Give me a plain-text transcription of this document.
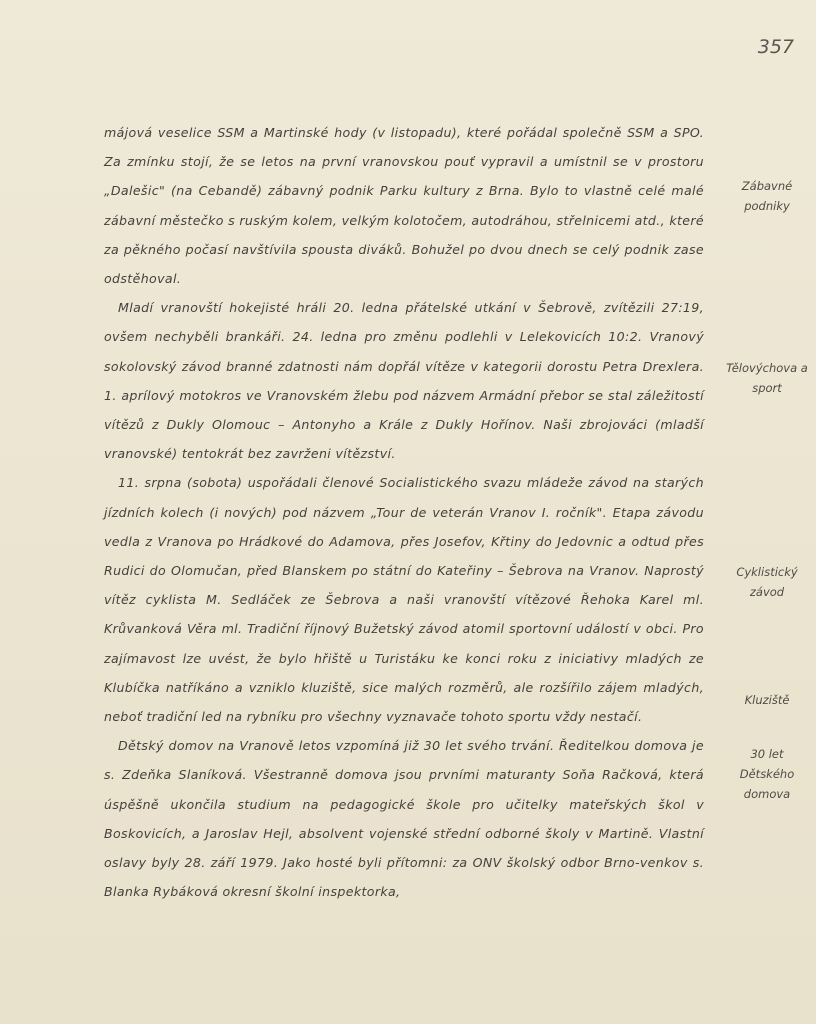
357

májová veselice SSM a Martinské hody (v listopadu), které pořádal společně SSM a SPO. Za zmínku stojí, že se letos na první vranovskou pouť vypravil a umístnil se v prostoru „Dalešic" (na Cebandě) zábavný podnik Parku kultury z Brna. Bylo to vlastně celé malé zábavní městečko s ruským kolem, velkým kolotočem, autodráhou, střelnicemi atd., které za pěkného počasí navštívila spousta diváků. Bohužel po dvou dnech se celý podnik zase odstěhoval.

Mladí vranovští hokejisté hráli 20. ledna přátelské utkání v Šebrově, zvítězili 27:19, ovšem nechyběli brankáři. 24. ledna pro změnu podlehli v Lelekovicích 10:2. Vranový sokolovský závod branné zdatnosti nám dopřál vítěze v kategorii dorostu Petra Drexlera. 1. aprílový motokros ve Vranovském žlebu pod názvem Armádní přebor se stal záležitostí vítězů z Dukly Olomouc – Antonyho a Krále z Dukly Hořínov. Naši zbrojováci (mladší vranovské) tentokrát bez zavrženi vítězství.

11. srpna (sobota) uspořádali členové Socialistického svazu mládeže závod na starých jízdních kolech (i nových) pod názvem „Tour de veterán Vranov I. ročník". Etapa závodu vedla z Vranova po Hrádkové do Adamova, přes Josefov, Křtiny do Jedovnic a odtud přes Rudici do Olomučan, před Blanskem po státní do Kateřiny – Šebrova na Vranov. Naprostý vítěz cyklista M. Sedláček ze Šebrova a naši vranovští vítězové Řehoka Karel ml. Krůvanková Věra ml. Tradiční říjnový Bužetský závod atomil sportovní událostí v obci. Pro zajímavost lze uvést, že bylo hřiště u Turistáku ke konci roku z iniciativy mladých ze Klubíčka natříkáno a vzniklo kluziště, sice malých rozměrů, ale rozšířilo zájem mladých, neboť tradiční led na rybníku pro všechny vyznavače tohoto sportu vždy nestačí.

Dětský domov na Vranově letos vzpomíná již 30 let svého trvání. Ředitelkou domova je s. Zdeňka Slaníková. Všestranně domova jsou prvními maturanty Soňa Račková, která úspěšně ukončila studium na pedagogické škole pro učitelky mateřských škol v Boskovicích, a Jaroslav Hejl, absolvent vojenské střední odborné školy v Martině. Vlastní oslavy byly 28. září 1979. Jako hosté byli přítomni: za ONV školský odbor Brno-venkov s. Blanka Rybáková okresní školní inspektorka,

Zábavné podniky
Tělovýchova a sport
Cyklistický závod
Kluziště
30 let Dětského domova
